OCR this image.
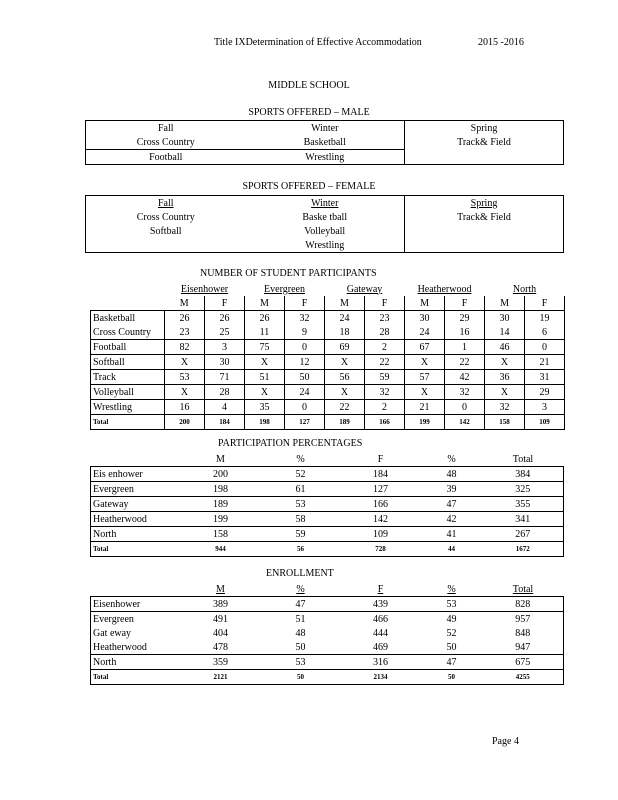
Title IXDetermination of Effective Accommodation	2015 -2016
MIDDLE SCHOOL
SPORTS OFFERED – MALE
Fall	Winter	Spring
Cross Country	Basketball	Track& Field
Football	Wrestling	
SPORTS OFFERED – FEMALE
Fall	Winter	Spring
Cross Country	Baske tball	Track& Field
Softball	Volleyball	
	Wrestling	
NUMBER OF STUDENT PARTICIPANTS
	Eisenhower		Evergreen		Gateway		Heatherwood		North	
	M	F	M	F	M	F	M	F	M	F
Basketball	26	26	26	32	24	23	30	29	30	19
Cross Country	23	25	11	9	18	28	24	16	14	6
Football	82	3	75	0	69	2	67	1	46	0
Softball	X	30	X	12	X	22	X	22	X	21
Track	53	71	51	50	56	59	57	42	36	31
Volleyball	X	28	X	24	X	32	X	32	X	29
Wrestling	16	4	35	0	22	2	21	0	32	3
Total	200	184	198	127	189	166	199	142	158	109
PARTICIPATION PERCENTAGES
	M	%	F	%	Total
Eis enhower	200	52	184	48	384
Evergreen	198	61	127	39	325
Gateway	189	53	166	47	355
Heatherwood	199	58	142	42	341
North	158	59	109	41	267
Total	944	56	728	44	1672
ENROLLMENT
	M	%	F	%	Total
Eisenhower	389	47	439	53	828
Evergreen	491	51	466	49	957
Gat eway	404	48	444	52	848
Heatherwood	478	50	469	50	947
North	359	53	316	47	675
Total	2121	50	2134	50	4255
Page 4
